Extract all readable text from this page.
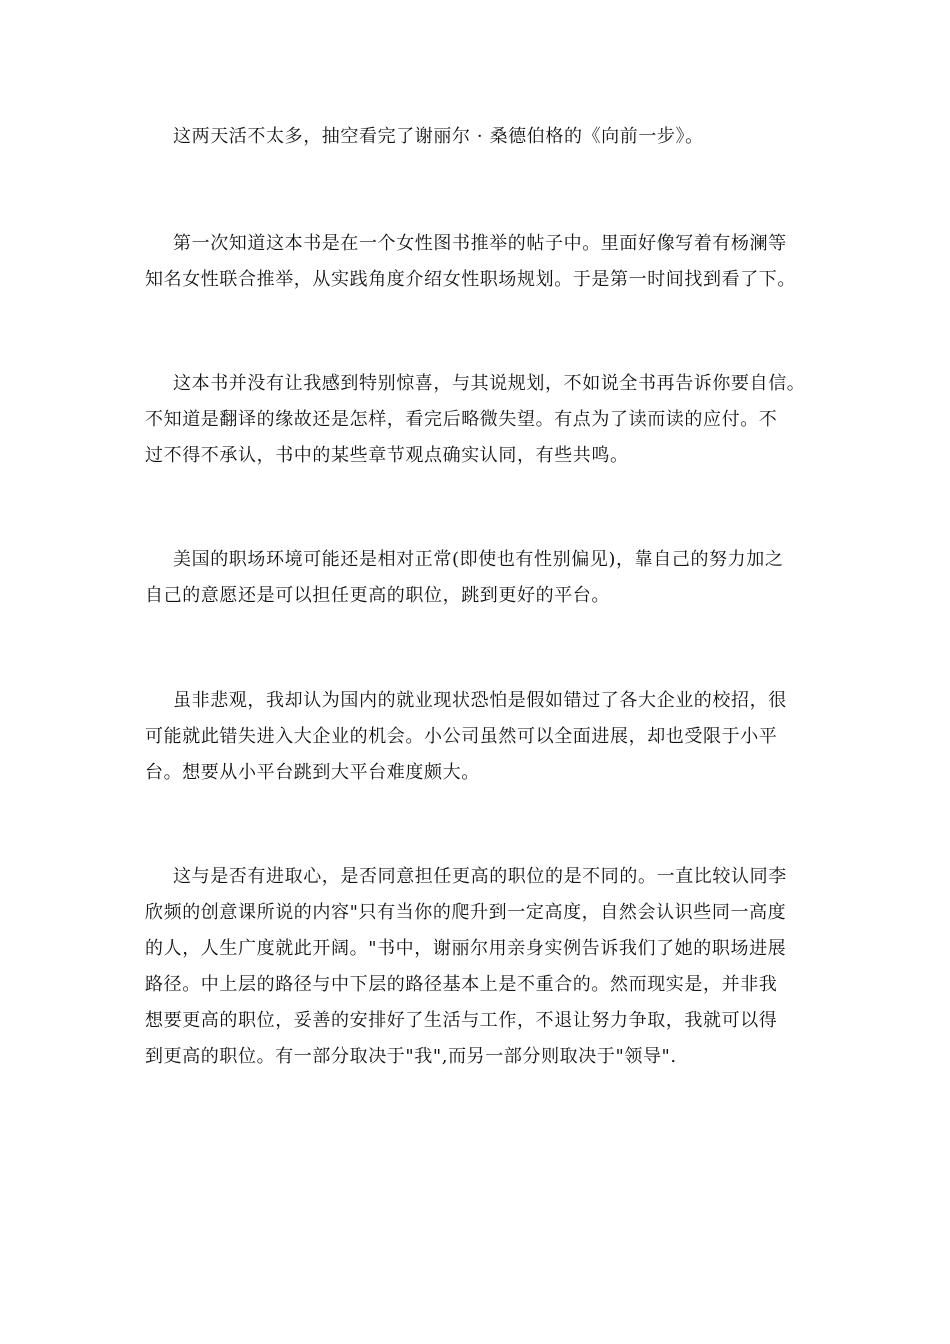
这两天活不太多，抽空看完了谢丽尔 · 桑德伯格的《向前一步》。

第一次知道这本书是在一个女性图书推举的帖子中。里面好像写着有杨澜等
知名女性联合推举，从实践角度介绍女性职场规划。于是第一时间找到看了下。

这本书并没有让我感到特别惊喜，与其说规划，不如说全书再告诉你要自信。
不知道是翻译的缘故还是怎样，看完后略微失望。有点为了读而读的应付。不
过不得不承认，书中的某些章节观点确实认同，有些共鸣。

美国的职场环境可能还是相对正常(即使也有性别偏见)，靠自己的努力加之
自己的意愿还是可以担任更高的职位，跳到更好的平台。

虽非悲观，我却认为国内的就业现状恐怕是假如错过了各大企业的校招，很
可能就此错失进入大企业的机会。小公司虽然可以全面进展，却也受限于小平
台。想要从小平台跳到大平台难度颇大。

这与是否有进取心，是否同意担任更高的职位的是不同的。一直比较认同李
欣频的创意课所说的内容"只有当你的爬升到一定高度，自然会认识些同一高度
的人，人生广度就此开阔。"书中，谢丽尔用亲身实例告诉我们了她的职场进展
路径。中上层的路径与中下层的路径基本上是不重合的。然而现实是，并非我
想要更高的职位，妥善的安排好了生活与工作，不退让努力争取，我就可以得
到更高的职位。有一部分取决于"我",而另一部分则取决于"领导".
